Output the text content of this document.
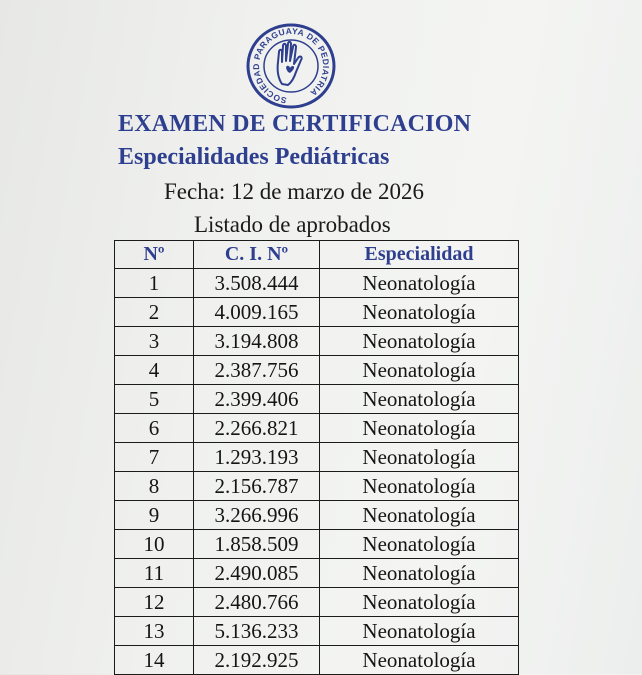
SOCIEDAD PARAGUAYA DE PEDIATRIA
EXAMEN DE CERTIFICACION
Especialidades Pediátricas
Fecha: 12 de marzo de 2026
Listado de aprobados
Nº	C. I. Nº	Especialidad
1	3.508.444	Neonatología
2	4.009.165	Neonatología
3	3.194.808	Neonatología
4	2.387.756	Neonatología
5	2.399.406	Neonatología
6	2.266.821	Neonatología
7	1.293.193	Neonatología
8	2.156.787	Neonatología
9	3.266.996	Neonatología
10	1.858.509	Neonatología
11	2.490.085	Neonatología
12	2.480.766	Neonatología
13	5.136.233	Neonatología
14	2.192.925	Neonatología
